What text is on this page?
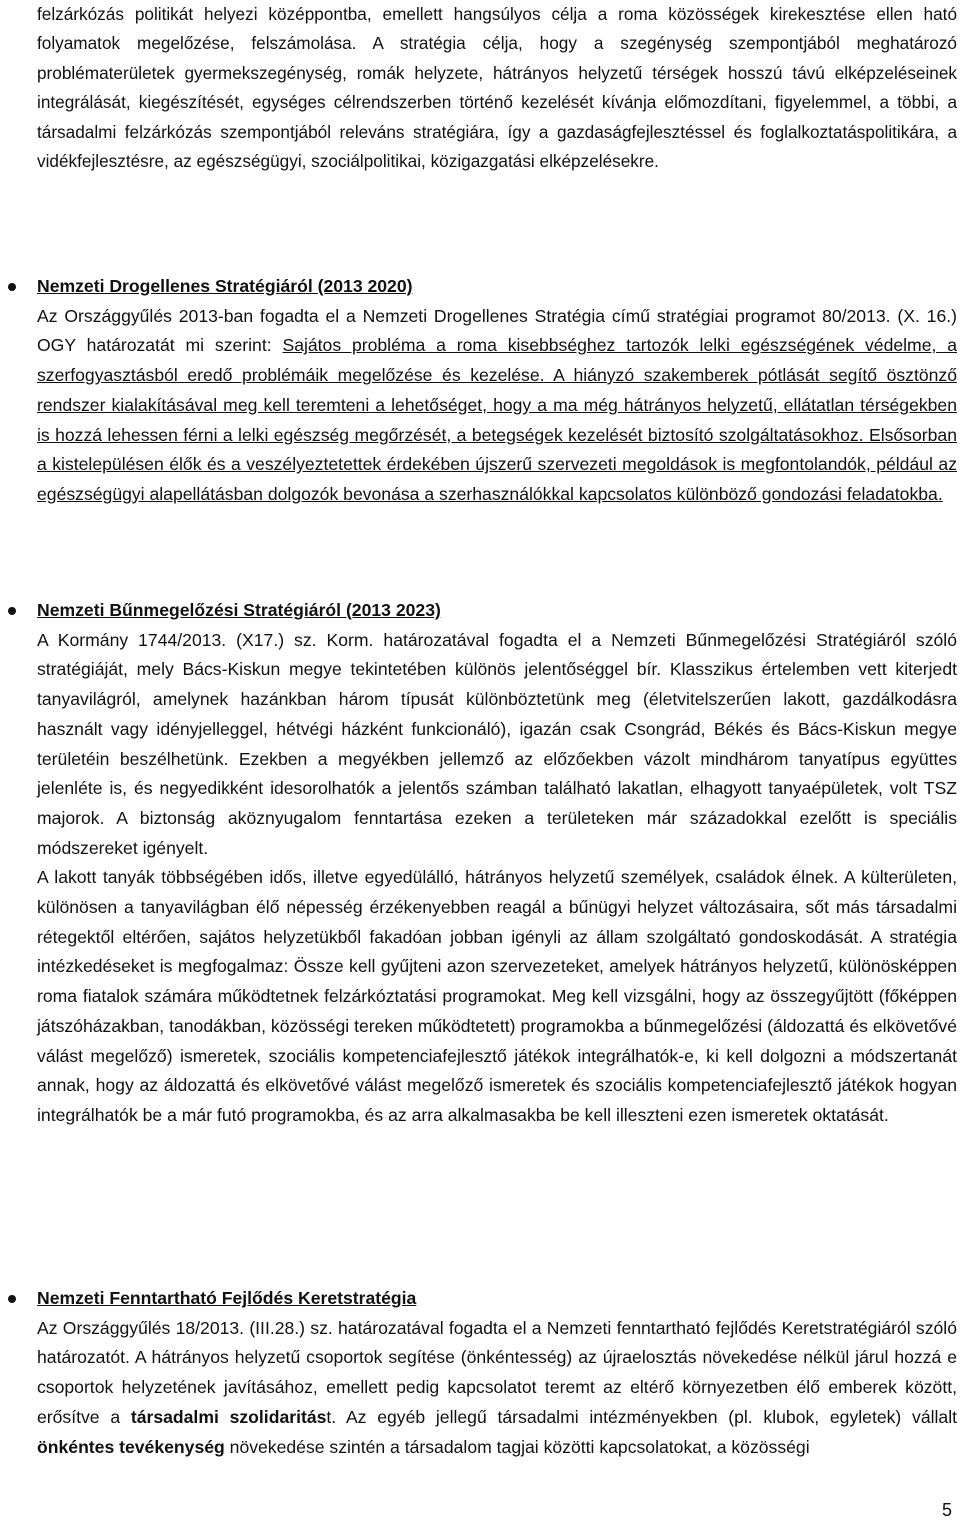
felzárkózás politikát helyezi középpontba, emellett hangsúlyos célja a roma közösségek kirekesztése ellen ható folyamatok megelőzése, felszámolása. A stratégia célja, hogy a szegénység szempontjából meghatározó problématerületek gyermekszegénység, romák helyzete, hátrányos helyzetű térségek hosszú távú elképzeléseinek integrálását, kiegészítését, egységes célrendszerben történő kezelését kívánja előmozdítani, figyelemmel, a többi, a társadalmi felzárkózás szempontjából releváns stratégiára, így a gazdaságfejlesztéssel és foglalkoztatáspolitikára, a vidékfejlesztésre, az egészségügyi, szociálpolitikai, közigazgatási elképzelésekre.

Nemzeti Drogellenes Stratégiáról (2013 2020)

Az Országgyűlés 2013-ban fogadta el a Nemzeti Drogellenes Stratégia című stratégiai programot 80/2013. (X. 16.) OGY határozatát mi szerint: Sajátos probléma a roma kisebbséghez tartozók lelki egészségének védelme, a szerfogyasztásból eredő problémáik megelőzése és kezelése. A hiányzó szakemberek pótlását segítő ösztönző rendszer kialakításával meg kell teremteni a lehetőséget, hogy a ma még hátrányos helyzetű, ellátatlan térségekben is hozzá lehessen férni a lelki egészség megőrzését, a betegségek kezelését biztosító szolgáltatásokhoz. Elsősorban a kistelepülésen élők és a veszélyeztetettek érdekében újszerű szervezeti megoldások is megfontolandók, például az egészségügyi alapellátásban dolgozók bevonása a szerhasználókkal kapcsolatos különböző gondozási feladatokba.

Nemzeti Bűnmegelőzési Stratégiáról (2013 2023)

A Kormány 1744/2013. (X17.) sz. Korm. határozatával fogadta el a Nemzeti Bűnmegelőzési Stratégiáról szóló stratégiáját, mely Bács-Kiskun megye tekintetében különös jelentőséggel bír. Klasszikus értelemben vett kiterjedt tanyavilágról, amelynek hazánkban három típusát különböztetünk meg (életvitelszerűen lakott, gazdálkodásra használt vagy idényjelleggel, hétvégi házként funkcionáló), igazán csak Csongrád, Békés és Bács-Kiskun megye területéin beszélhetünk. Ezekben a megyékben jellemző az előzőekben vázolt mindhárom tanyatípus együttes jelenléte is, és negyedikként idesorolhatók a jelentős számban található lakatlan, elhagyott tanyaépületek, volt TSZ majorok. A biztonság aköznyugalom fenntartása ezeken a területeken már századokkal ezelőtt is speciális módszereket igényelt.

A lakott tanyák többségében idős, illetve egyedülálló, hátrányos helyzetű személyek, családok élnek. A külterületen, különösen a tanyavilágban élő népesség érzékenyebben reagál a bűnügyi helyzet változásaira, sőt más társadalmi rétegektől eltérően, sajátos helyzetükből fakadóan jobban igényli az állam szolgáltató gondoskodását. A stratégia intézkedéseket is megfogalmaz: Össze kell gyűjteni azon szervezeteket, amelyek hátrányos helyzetű, különösképpen roma fiatalok számára működtetnek felzárkóztatási programokat. Meg kell vizsgálni, hogy az összegyűjtött (főképpen játszóházakban, tanodákban, közösségi tereken működtetett) programokba a bűnmegelőzési (áldozattá és elkövetővé válást megelőző) ismeretek, szociális kompetenciafejlesztő játékok integrálhatók-e, ki kell dolgozni a módszertanát annak, hogy az áldozattá és elkövetővé válást megelőző ismeretek és szociális kompetenciafejlesztő játékok hogyan integrálhatók be a már futó programokba, és az arra alkalmasakba be kell illeszteni ezen ismeretek oktatását.

Nemzeti Fenntartható Fejlődés Keretstratégia

Az Országgyűlés 18/2013. (III.28.) sz. határozatával fogadta el a Nemzeti fenntartható fejlődés Keretstratégiáról szóló határozatót. A hátrányos helyzetű csoportok segítése (önkéntesség) az újraelosztás növekedése nélkül járul hozzá e csoportok helyzetének javításához, emellett pedig kapcsolatot teremt az eltérő környezetben élő emberek között, erősítve a társadalmi szolidaritást. Az egyéb jellegű társadalmi intézményekben (pl. klubok, egyletek) vállalt önkéntes tevékenység növekedése szintén a társadalom tagjai közötti kapcsolatokat, a közösségi

5
